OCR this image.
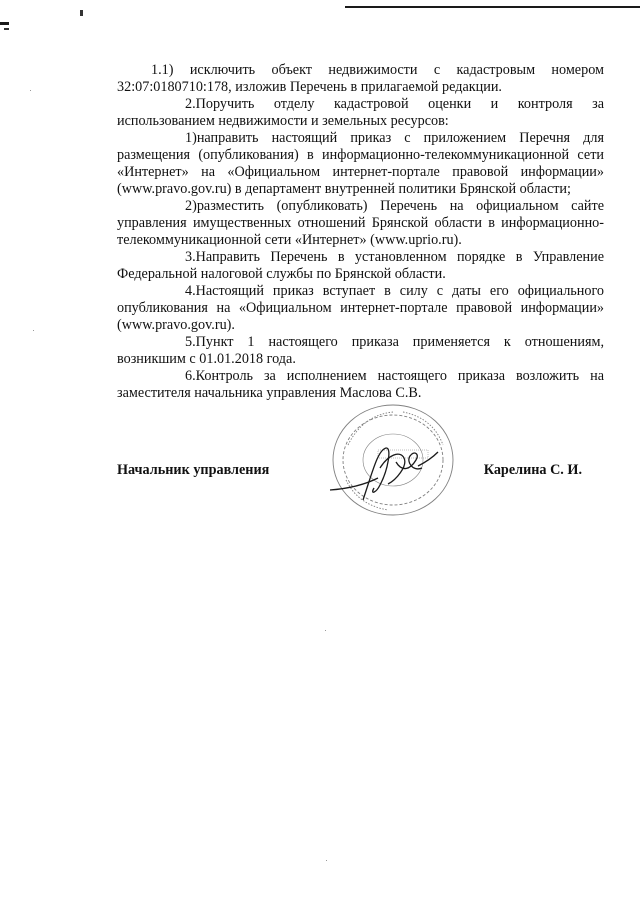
1.1) исключить объект недвижимости с кадастровым номером 32:07:0180710:178, изложив Перечень в прилагаемой редакции.

2.Поручить отделу кадастровой оценки и контроля за использованием недвижимости и земельных ресурсов:

1)направить настоящий приказ с приложением Перечня для размещения (опубликования) в информационно-телекоммуникационной сети «Интернет» на «Официальном интернет-портале правовой информации» (www.pravo.gov.ru) в департамент внутренней политики Брянской области;

2)разместить (опубликовать) Перечень на официальном сайте управления имущественных отношений Брянской области в информационно-телекоммуникационной сети «Интернет» (www.uprio.ru).

3.Направить Перечень в установленном порядке в Управление Федеральной налоговой службы по Брянской области.

4.Настоящий приказ вступает в силу с даты его официального опубликования на «Официальном интернет-портале правовой информации» (www.pravo.gov.ru).

5.Пункт 1 настоящего приказа применяется к отношениям, возникшим с 01.01.2018 года.

6.Контроль за исполнением настоящего приказа возложить на заместителя начальника управления Маслова С.В.

Начальник управления	Карелина С. И.
